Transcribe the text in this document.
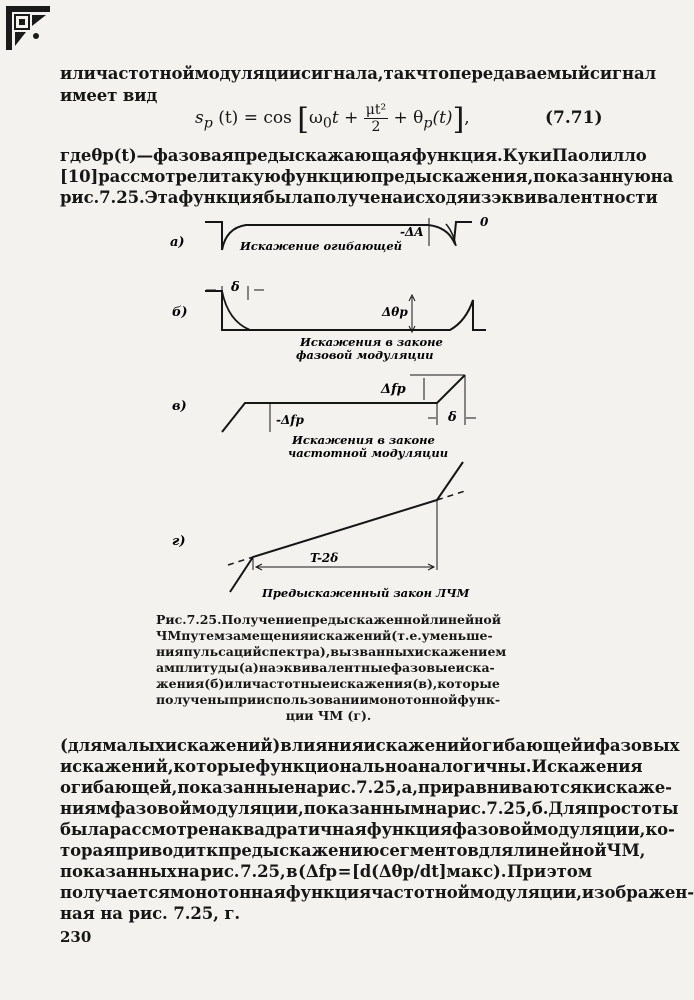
или частотной модуляции сигнала, так что передаваемый сигнал
имеет вид
$s_p$ $(t) = \cos [\omega_0t + \frac{\text{μt²}}{2} + \theta_p(t)]$,	(7.71)
где θp (t) — фазовая предыскажающая функция. Кук и Паолилло
[10] рассмотрели такую функцию предыскажения, показанную на
рис. 7.25. Эта функция была получена исходя из эквивалентности
а)
б)
в)
г)
Искажение огибающей
-ΔA
0
δ
Δθp
Искажения в законе
фазовой модуляции
Δfp
-Δfp	δ
Искажения в законе
частотной модуляции
T-2δ
Предыскаженный закон ЛЧМ
Рис.7.25.Получениепредыскаженнойлинейной
ЧМпутемзамещенияискажений(т.е.уменьше-
нияпульсацийспектра),вызванныхискажением
амплитуды(а)наэквивалентныефазовыеиска-
жения(б)иличастотныеискажения(в),которые
полученыприиспользованиимонотоннойфунк-
ции ЧМ (г).
(для малых искажений) влияния искажений огибающей и фазовых
искажений, которые функционально аналогичны. Искажения
огибающей, показанные на рис. 7.25, а, приравниваются к искаже-
ниям фазовой модуляции, показанным на рис. 7.25, б. Для простоты
была рассмотрена квадратичная функция фазовой модуляции, ко-
торая приводит к предыскажению сегментов для линейной ЧМ,
показанных на рис. 7.25, в (Δfp = [d(Δθp/dt]макс). При этом
получается монотонная функция частотной модуляции, изображен-
ная на рис. 7.25, г.
230
